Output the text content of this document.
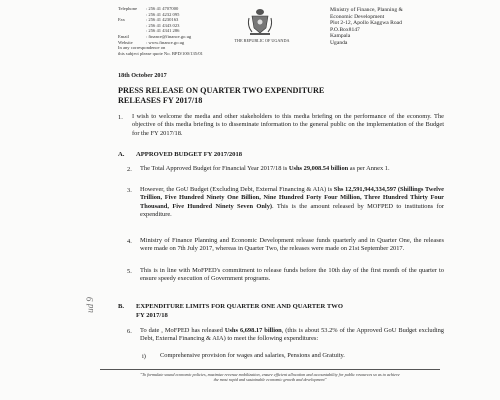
Telephone	: 256 41 4707000
: 256 41 4232 095
Fax	: 256 41 4230163
: 256 41 4343 023
: 256 41 4341 286
Email	: finance@finance.go.ug
Website	: www.finance.go.ug
In any correspondence on
this subject please quote No. BPD/100/135/01
THE REPUBLIC OF UGANDA
Ministry of Finance, Planning &
Economic Development
Plot 2-12, Apollo Kaggwa Road
P.O.Box8147
Kampala
Uganda
18th October 2017
PRESS RELEASE ON QUARTER TWO EXPENDITURE
RELEASES FY 2017/18
1. I wish to welcome the media and other stakeholders to this media briefing on the performance of the economy. The objective of this media briefing is to disseminate information to the general public on the implementation of the Budget for the FY 2017/18.
A. APPROVED BUDGET FY 2017/2018
2. The Total Approved Budget for Financial Year 2017/18 is Ushs 29,008.54 billion as per Annex 1.
3. However, the GoU Budget (Excluding Debt, External Financing & AIA) is Shs 12,591,944,334,597 (Shillings Twelve Trillion, Five Hundred Ninety One Billion, Nine Hundred Forty Four Million, Three Hundred Thirty Four Thousand, Five Hundred Ninety Seven Only). This is the amount released by MOFPED to institutions for expenditure.
4. Ministry of Finance Planning and Economic Development release funds quarterly and in Quarter One, the releases were made on 7th July 2017, whereas in Quarter Two, the releases were made on 21st September 2017.
5. This is in line with MoFPED's commitment to release funds before the 10th day of the first month of the quarter to ensure speedy execution of Government programs.
B. EXPENDITURE LIMITS FOR QUARTER ONE AND QUARTER TWO
FY 2017/18
6. To date , MoFPED has released Ushs 6,698.17 billion, (this is about 53.2% of the Approved GoU Budget excluding Debt, External Financing & AIA) to meet the following expenditures:
i) Comprehensive provision for wages and salaries, Pensions and Gratuity.
ud 9
"To formulate sound economic policies, maximize revenue mobilization, ensure efficient allocation and accountability for public resources so as to achieve
the most rapid and sustainable economic growth and development"
